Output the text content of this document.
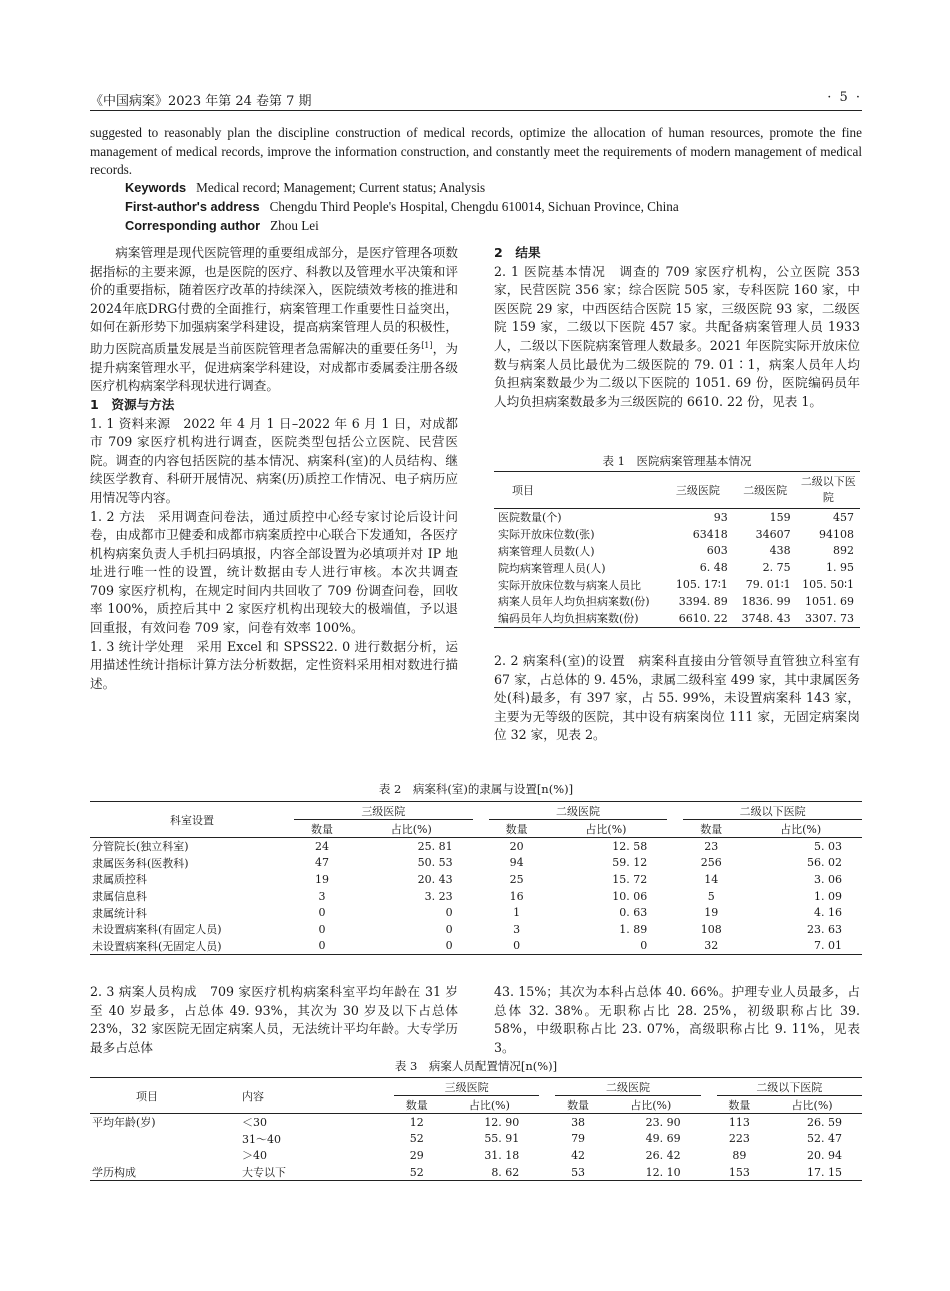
《中国病案》2023 年第 24 卷第 7 期	· 5 ·

suggested to reasonably plan the discipline construction of medical records, optimize the allocation of human resources, promote the fine management of medical records, improve the information construction, and constantly meet the requirements of modern management of medical records.

Keywords Medical record; Management; Current status; Analysis
First-author's address Chengdu Third People's Hospital, Chengdu 610014, Sichuan Province, China
Corresponding author Zhou Lei

病案管理是现代医院管理的重要组成部分，是医疗管理各项数据指标的主要来源，也是医院的医疗、科教以及管理水平决策和评价的重要指标，随着医疗改革的持续深入，医院绩效考核的推进和2024年底DRG付费的全面推行，病案管理工作重要性日益突出，如何在新形势下加强病案学科建设，提高病案管理人员的积极性，助力医院高质量发展是当前医院管理者急需解决的重要任务[1]，为提升病案管理水平，促进病案学科建设，对成都市委属委注册各级医疗机构病案学科现状进行调查。

1　资源与方法

1. 1 资料来源　2022 年 4 月 1 日–2022 年 6 月 1 日，对成都市 709 家医疗机构进行调查，医院类型包括公立医院、民营医院。调查的内容包括医院的基本情况、病案科(室)的人员结构、继续医学教育、科研开展情况、病案(历)质控工作情况、电子病历应用情况等内容。

1. 2 方法　采用调查问卷法，通过质控中心经专家讨论后设计问卷，由成都市卫健委和成都市病案质控中心联合下发通知，各医疗机构病案负责人手机扫码填报，内容全部设置为必填项并对 IP 地址进行唯一性的设置，统计数据由专人进行审核。本次共调查 709 家医疗机构，在规定时间内共回收了 709 份调查问卷，回收率 100%，质控后其中 2 家医疗机构出现较大的极端值，予以退回重报，有效问卷 709 家，问卷有效率 100%。

1. 3 统计学处理　采用 Excel 和 SPSS22. 0 进行数据分析，运用描述性统计指标计算方法分析数据，定性资料采用相对数进行描述。

2　结果

2. 1 医院基本情况　调查的 709 家医疗机构，公立医院 353 家，民营医院 356 家；综合医院 505 家，专科医院 160 家，中医医院 29 家，中西医结合医院 15 家，三级医院 93 家，二级医院 159 家，二级以下医院 457 家。共配备病案管理人员 1933 人，二级以下医院病案管理人数最多。2021 年医院实际开放床位数与病案人员比最优为二级医院的 79. 01∶1，病案人员年人均负担病案数最少为二级以下医院的 1051. 69 份，医院编码员年人均负担病案数最多为三级医院的 6610. 22 份，见表 1。

表 1　医院病案管理基本情况
项目	三级医院	二级医院	二级以下医院
医院数量(个)	93	159	457
实际开放床位数(张)	63418	34607	94108
病案管理人员数(人)	603	438	892
院均病案管理人员(人)	6. 48	2. 75	1. 95
实际开放床位数与病案人员比	105. 17∶1	79. 01∶1	105. 50∶1
病案人员年人均负担病案数(份)	3394. 89	1836. 99	1051. 69
编码员年人均负担病案数(份)	6610. 22	3748. 43	3307. 73

2. 2 病案科(室)的设置　病案科直接由分管领导直管独立科室有 67 家，占总体的 9. 45%，隶属二级科室 499 家，其中隶属医务处(科)最多，有 397 家，占 55. 99%，未设置病案科 143 家，主要为无等级的医院，其中设有病案岗位 111 家，无固定病案岗位 32 家，见表 2。

表 2　病案科(室)的隶属与设置[n(%)]
科室设置	三级医院			二级医院			二级以下医院	
	数量	占比(%)		数量	占比(%)		数量	占比(%)
分管院长(独立科室)	24	25. 81		20	12. 58		23	5. 03
隶属医务科(医教科)	47	50. 53		94	59. 12		256	56. 02
隶属质控科	19	20. 43		25	15. 72		14	3. 06
隶属信息科	3	3. 23		16	10. 06		5	1. 09
隶属统计科	0	0		1	0. 63		19	4. 16
未设置病案科(有固定人员)	0	0		3	1. 89		108	23. 63
未设置病案科(无固定人员)	0	0		0	0		32	7. 01

2. 3 病案人员构成　709 家医疗机构病案科室平均年龄在 31 岁至 40 岁最多，占总体 49. 93%，其次为 30 岁及以下占总体 23%，32 家医院无固定病案人员，无法统计平均年龄。大专学历最多占总体

43. 15%；其次为本科占总体 40. 66%。护理专业人员最多，占总体 32. 38%。无职称占比 28. 25%，初级职称占比 39. 58%，中级职称占比 23. 07%，高级职称占比 9. 11%，见表 3。

表 3　病案人员配置情况[n(%)]
项目	内容	三级医院			二级医院			二级以下医院	
		数量	占比(%)		数量	占比(%)		数量	占比(%)
平均年龄(岁)	＜30	12	12. 90		38	23. 90		113	26. 59
	31～40	52	55. 91		79	49. 69		223	52. 47
	＞40	29	31. 18		42	26. 42		89	20. 94
学历构成	大专以下	52	8. 62		53	12. 10		153	17. 15
